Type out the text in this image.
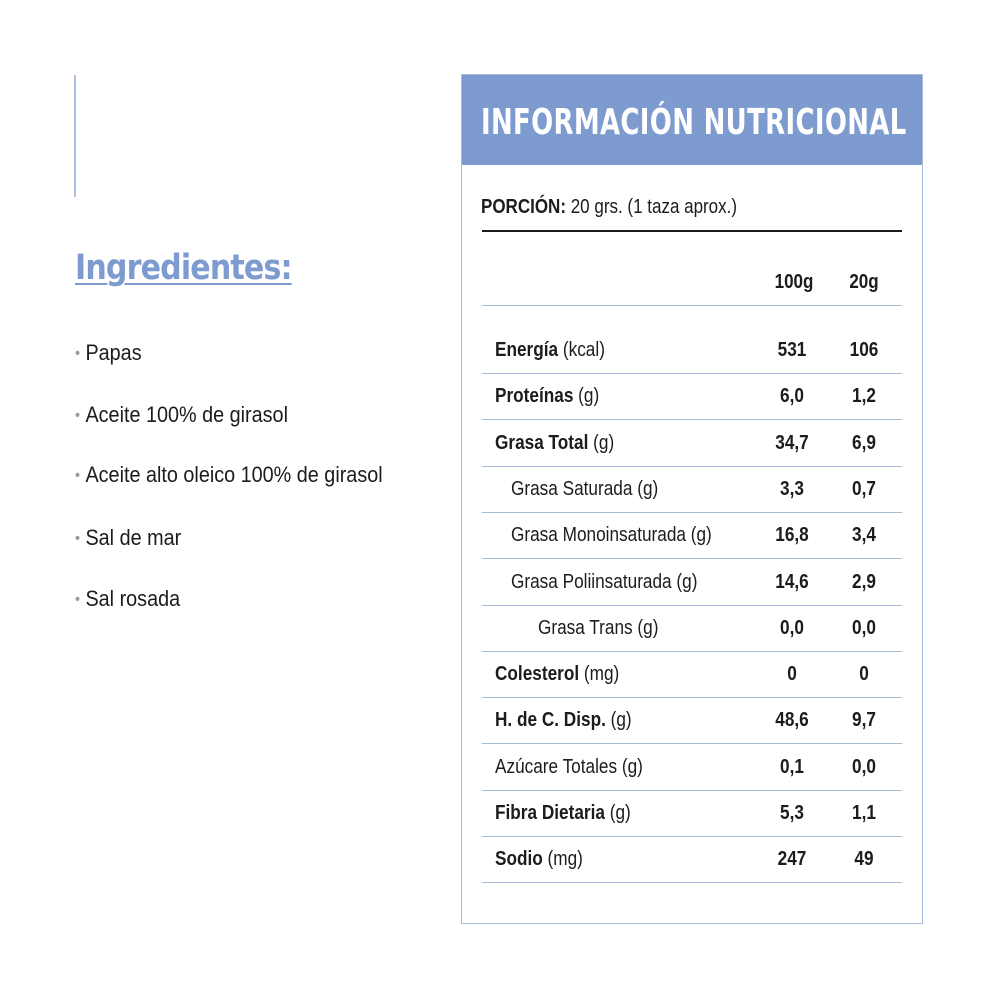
Ingredientes:
• Papas
• Aceite 100% de girasol
• Aceite alto oleico 100% de girasol
• Sal de mar
• Sal rosada
INFORMACIÓN NUTRICIONAL
PORCIÓN: 20 grs. (1 taza aprox.)
100g	20g
Energía (kcal)	531	106
Proteínas (g)	6,0	1,2
Grasa Total (g)	34,7	6,9
Grasa Saturada (g)	3,3	0,7
Grasa Monoinsaturada (g)	16,8	3,4
Grasa Poliinsaturada (g)	14,6	2,9
Grasa Trans (g)	0,0	0,0
Colesterol (mg)	0	0
H. de C. Disp. (g)	48,6	9,7
Azúcare Totales (g)	0,1	0,0
Fibra Dietaria (g)	5,3	1,1
Sodio (mg)	247	49
